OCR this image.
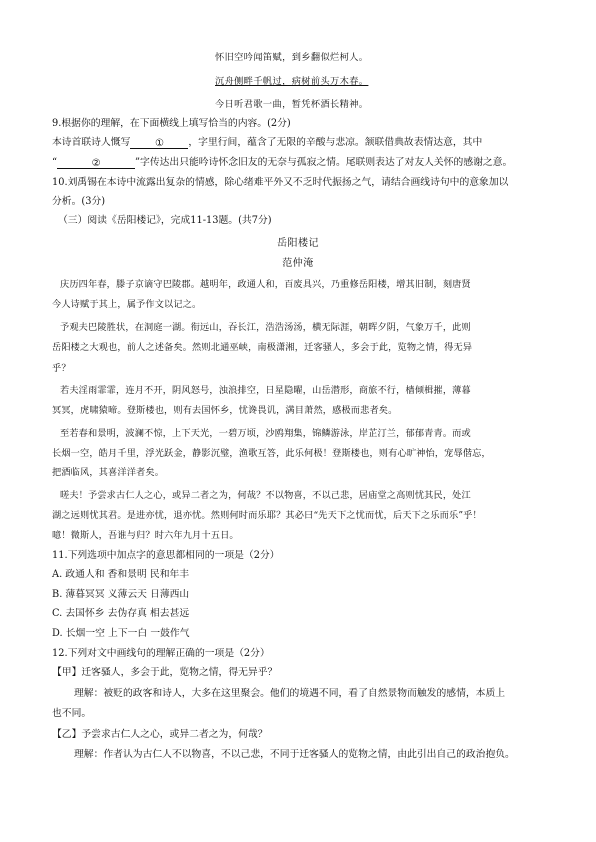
怀旧空吟闻笛赋，到乡翻似烂柯人。
沉舟侧畔千帆过，病树前头万木春。
今日听君歌一曲，暂凭杯酒长精神。
9.根据你的理解，在下面横线上填写恰当的内容。(2分)
本诗首联诗人慨写	①	，字里行间，蕴含了无限的辛酸与悲凉。颔联借典故表情达意，其中
“	②	”字传达出只能吟诗怀念旧友的无奈与孤寂之情。尾联则表达了对友人关怀的感谢之意。
10.刘禹锡在本诗中流露出复杂的情感，除心绪难平外又不乏时代振扬之气，请结合画线诗句中的意象加以
分析。(3分)
（三）阅读《岳阳楼记》，完成11-13题。(共7分)
岳阳楼记
范仲淹
庆历四年春，滕子京谪守巴陵郡。越明年，政通人和，百废具兴，乃重修岳阳楼，增其旧制，刻唐贤
今人诗赋于其上，属予作文以记之。
予观夫巴陵胜状，在洞庭一湖。衔远山，吞长江，浩浩汤汤，横无际涯，朝晖夕阴，气象万千，此则
岳阳楼之大观也，前人之述备矣。然则北通巫峡，南极潇湘，迁客骚人，多会于此，览物之情，得无异
乎？
若夫淫雨霏霏，连月不开，阴风怒号，浊浪排空，日星隐曜，山岳潜形，商旅不行，樯倾楫摧，薄暮
冥冥，虎啸猿啼。登斯楼也，则有去国怀乡，忧谗畏讥，满目萧然，感极而悲者矣。
至若春和景明，波澜不惊，上下天光，一碧万顷，沙鸥翔集，锦鳞游泳，岸芷汀兰，郁郁青青。而或
长烟一空，皓月千里，浮光跃金，静影沉璧，渔歌互答，此乐何极！登斯楼也，则有心旷神怡，宠辱偕忘，
把酒临风，其喜洋洋者矣。
嗟夫！予尝求古仁人之心，或异二者之为，何哉？不以物喜，不以己悲，居庙堂之高则忧其民，处江
湖之远则忧其君。是进亦忧，退亦忧。然则何时而乐耶？其必曰“先天下之忧而忧，后天下之乐而乐”乎！
噫！微斯人，吾谁与归？时六年九月十五日。
11.下列选项中加点字的意思都相同的一项是（2分）
A. 政通人和 香和景明 民和年丰
B. 薄暮冥冥 义薄云天 日薄西山
C. 去国怀乡 去伪存真 相去甚远
D. 长烟一空 上下一白 一鼓作气
12.下列对文中画线句的理解正确的一项是（2分）
【甲】迁客骚人，多会于此，览物之情，得无异乎？
理解：被贬的政客和诗人，大多在这里聚会。他们的境遇不同，看了自然景物而触发的感情，本质上
也不同。
【乙】予尝求古仁人之心，或异二者之为，何哉？
理解：作者认为古仁人不以物喜，不以己悲，不同于迁客骚人的览物之情，由此引出自己的政治抱负。
